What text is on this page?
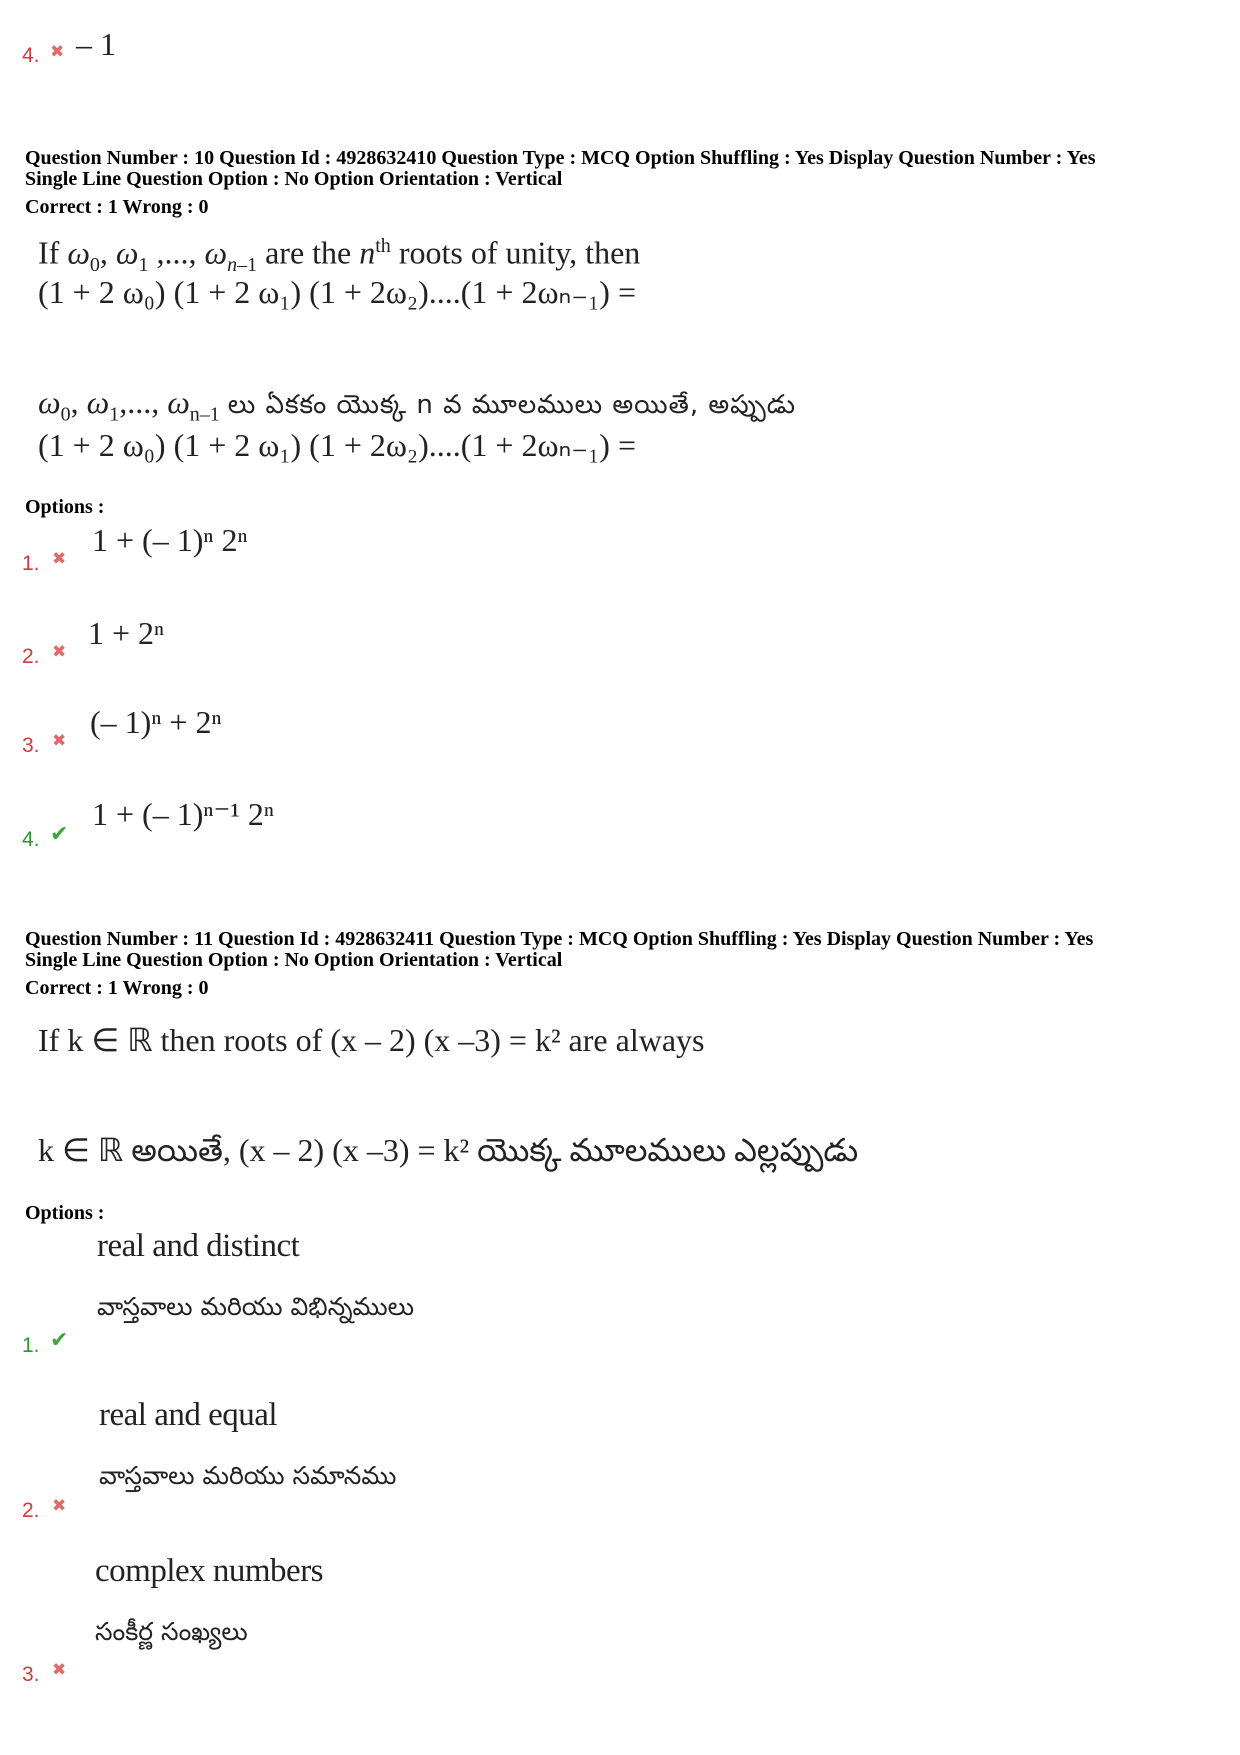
4. ✖ – 1
Question Number : 10 Question Id : 4928632410 Question Type : MCQ Option Shuffling : Yes Display Question Number : Yes
Single Line Question Option : No Option Orientation : Vertical
Correct : 1 Wrong : 0
If $\omega_0$, $\omega_1$ ,..., $\omega_{n-1}$ are the $n^{th}$ roots of unity, then
(1 + 2 ω₀) (1 + 2 ω₁) (1 + 2ω₂)....(1 + 2ωₙ₋₁) =
$\omega_0$, $\omega_1$,..., $\omega_{n-1}$ లు ఏకకం యొక్క n వ మూలములు అయితే, అప్పుడు
(1 + 2 ω₀) (1 + 2 ω₁) (1 + 2ω₂)....(1 + 2ωₙ₋₁) =
Options :
1. ✖
1 + (– 1)ⁿ 2ⁿ
2. ✖
1 + 2ⁿ
3. ✖
(– 1)ⁿ + 2ⁿ
4. ✔
1 + (– 1)ⁿ⁻¹ 2ⁿ
Question Number : 11 Question Id : 4928632411 Question Type : MCQ Option Shuffling : Yes Display Question Number : Yes
Single Line Question Option : No Option Orientation : Vertical
Correct : 1 Wrong : 0
If k ∈ ℝ then roots of (x – 2) (x –3) = k² are always
k ∈ ℝ అయితే, (x – 2) (x –3) = k² యొక్క మూలములు ఎల్లప్పుడు
Options :
real and distinct
వాస్తవాలు మరియు విభిన్నములు
1. ✔
real and equal
వాస్తవాలు మరియు సమానము
2. ✖
complex numbers
సంకీర్ణ సంఖ్యలు
3. ✖
